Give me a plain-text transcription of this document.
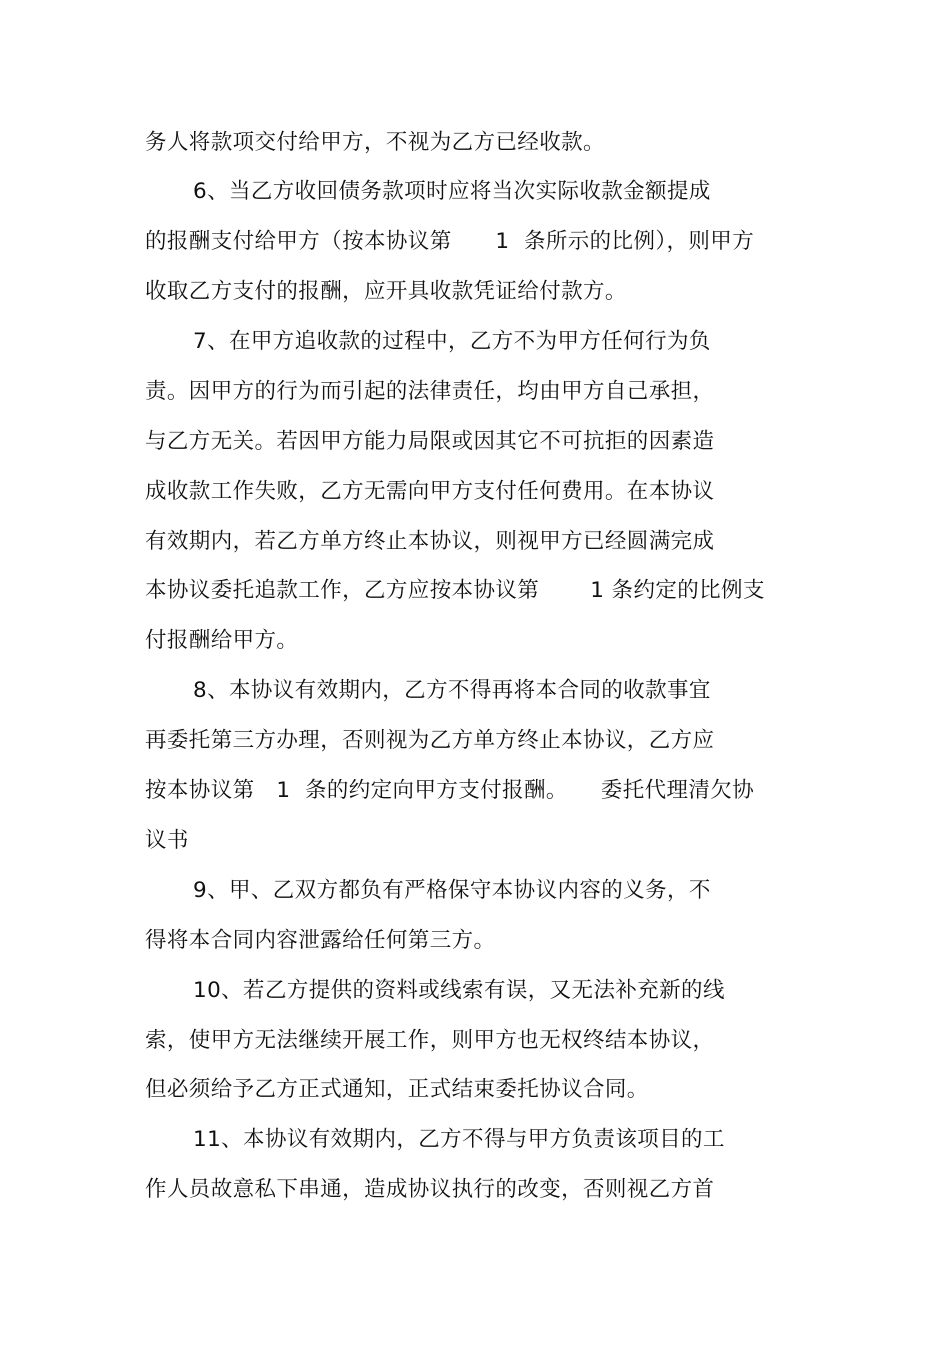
务人将款项交付给甲方，不视为乙方已经收款。
6、当乙方收回债务款项时应将当次实际收款金额提成
的报酬支付给甲方（按本协议第　　1  条所示的比例），则甲方
收取乙方支付的报酬，应开具收款凭证给付款方。
7、在甲方追收款的过程中，乙方不为甲方任何行为负
责。因甲方的行为而引起的法律责任，均由甲方自己承担，
与乙方无关。若因甲方能力局限或因其它不可抗拒的因素造
成收款工作失败，乙方无需向甲方支付任何费用。在本协议
有效期内，若乙方单方终止本协议，则视甲方已经圆满完成
本协议委托追款工作，乙方应按本协议第　　 1 条约定的比例支
付报酬给甲方。
8、本协议有效期内，乙方不得再将本合同的收款事宜
再委托第三方办理，否则视为乙方单方终止本协议，乙方应
按本协议第　1  条的约定向甲方支付报酬。　　委托代理清欠协
议书
9、甲、乙双方都负有严格保守本协议内容的义务，不
得将本合同内容泄露给任何第三方。
10、若乙方提供的资料或线索有误，又无法补充新的线
索，使甲方无法继续开展工作，则甲方也无权终结本协议，
但必须给予乙方正式通知，正式结束委托协议合同。
11、本协议有效期内，乙方不得与甲方负责该项目的工
作人员故意私下串通，造成协议执行的改变，否则视乙方首
